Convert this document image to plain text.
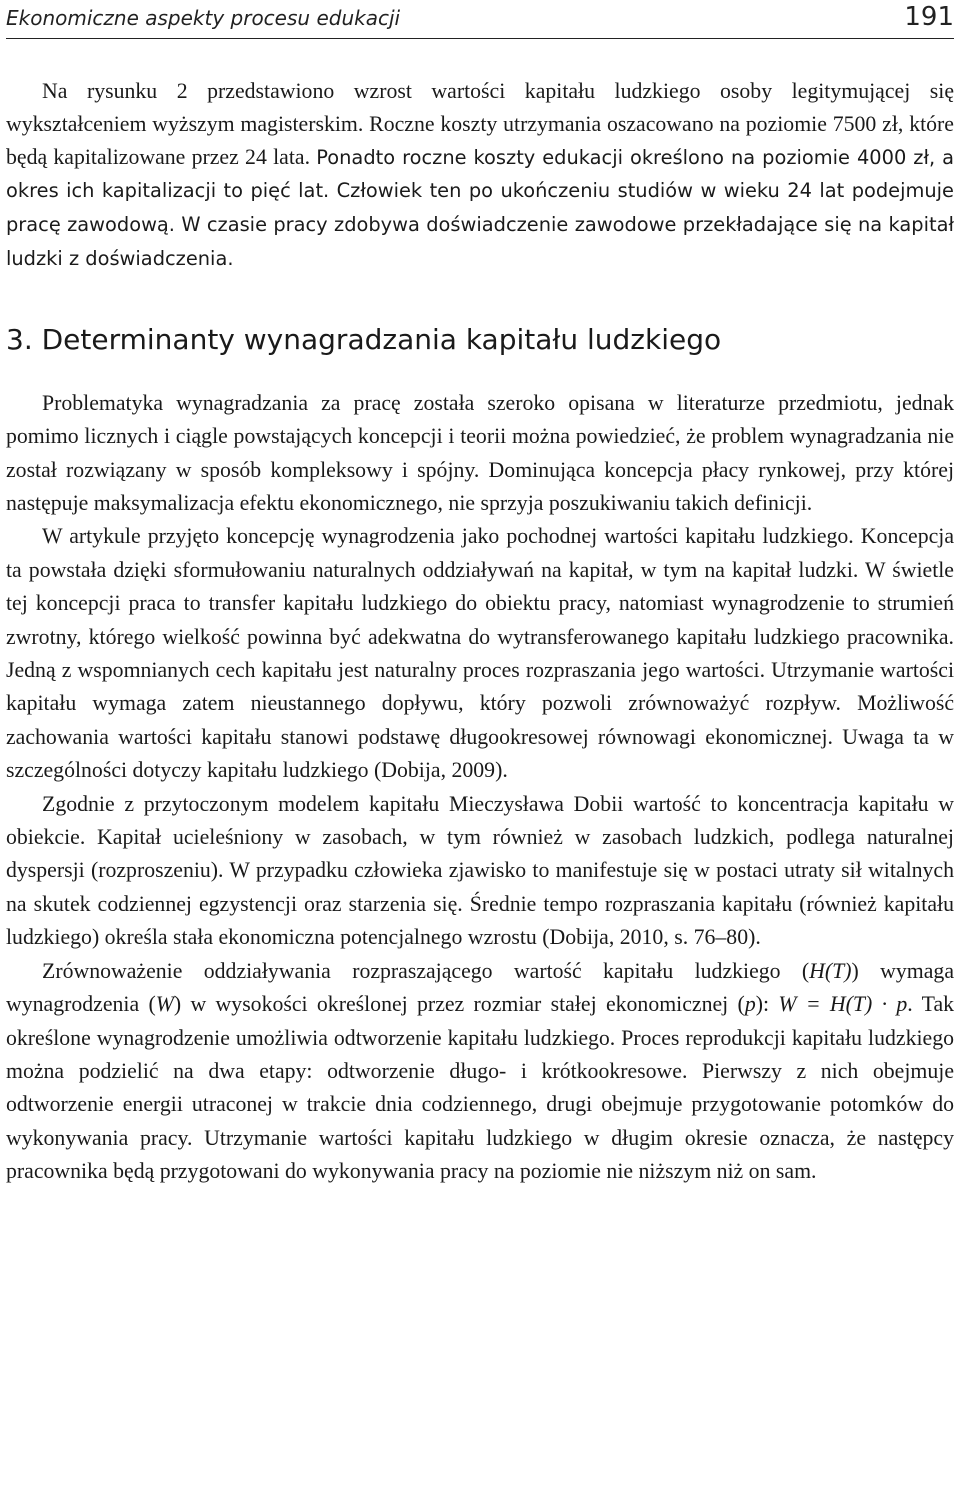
Ekonomiczne aspekty procesu edukacji	191

Na rysunku 2 przedstawiono wzrost wartości kapitału ludzkiego osoby legitymującej się wykształceniem wyższym magisterskim. Roczne koszty utrzymania oszacowano na poziomie 7500 zł, które będą kapitalizowane przez 24 lata. Ponadto roczne koszty edukacji określono na poziomie 4000 zł, a okres ich kapitalizacji to pięć lat. Człowiek ten po ukończeniu studiów w wieku 24 lat podejmuje pracę zawodową. W czasie pracy zdobywa doświadczenie zawodowe przekładające się na kapitał ludzki z doświadczenia.

3. Determinanty wynagradzania kapitału ludzkiego

Problematyka wynagradzania za pracę została szeroko opisana w literaturze przedmiotu, jednak pomimo licznych i ciągle powstających koncepcji i teorii można powiedzieć, że problem wynagradzania nie został rozwiązany w sposób kompleksowy i spójny. Dominująca koncepcja płacy rynkowej, przy której następuje maksymalizacja efektu ekonomicznego, nie sprzyja poszukiwaniu takich definicji.

W artykule przyjęto koncepcję wynagrodzenia jako pochodnej wartości kapitału ludzkiego. Koncepcja ta powstała dzięki sformułowaniu naturalnych oddziaływań na kapitał, w tym na kapitał ludzki. W świetle tej koncepcji praca to transfer kapitału ludzkiego do obiektu pracy, natomiast wynagrodzenie to strumień zwrotny, którego wielkość powinna być adekwatna do wytransferowanego kapitału ludzkiego pracownika. Jedną z wspomnianych cech kapitału jest naturalny proces rozpraszania jego wartości. Utrzymanie wartości kapitału wymaga zatem nieustannego dopływu, który pozwoli zrównoważyć rozpływ. Możliwość zachowania wartości kapitału stanowi podstawę długookresowej równowagi ekonomicznej. Uwaga ta w szczególności dotyczy kapitału ludzkiego (Dobija, 2009).

Zgodnie z przytoczonym modelem kapitału Mieczysława Dobii wartość to koncentracja kapitału w obiekcie. Kapitał ucieleśniony w zasobach, w tym również w zasobach ludzkich, podlega naturalnej dyspersji (rozproszeniu). W przypadku człowieka zjawisko to manifestuje się w postaci utraty sił witalnych na skutek codziennej egzystencji oraz starzenia się. Średnie tempo rozpraszania kapitału (również kapitału ludzkiego) określa stała ekonomiczna potencjalnego wzrostu (Dobija, 2010, s. 76–80).

Zrównoważenie oddziaływania rozpraszającego wartość kapitału ludzkiego (H(T)) wymaga wynagrodzenia (W) w wysokości określonej przez rozmiar stałej ekonomicznej (p): W = H(T) · p. Tak określone wynagrodzenie umożliwia odtworzenie kapitału ludzkiego. Proces reprodukcji kapitału ludzkiego można podzielić na dwa etapy: odtworzenie długo- i krótkookresowe. Pierwszy z nich obejmuje odtworzenie energii utraconej w trakcie dnia codziennego, drugi obejmuje przygotowanie potomków do wykonywania pracy. Utrzymanie wartości kapitału ludzkiego w długim okresie oznacza, że następcy pracownika będą przygotowani do wykonywania pracy na poziomie nie niższym niż on sam.
